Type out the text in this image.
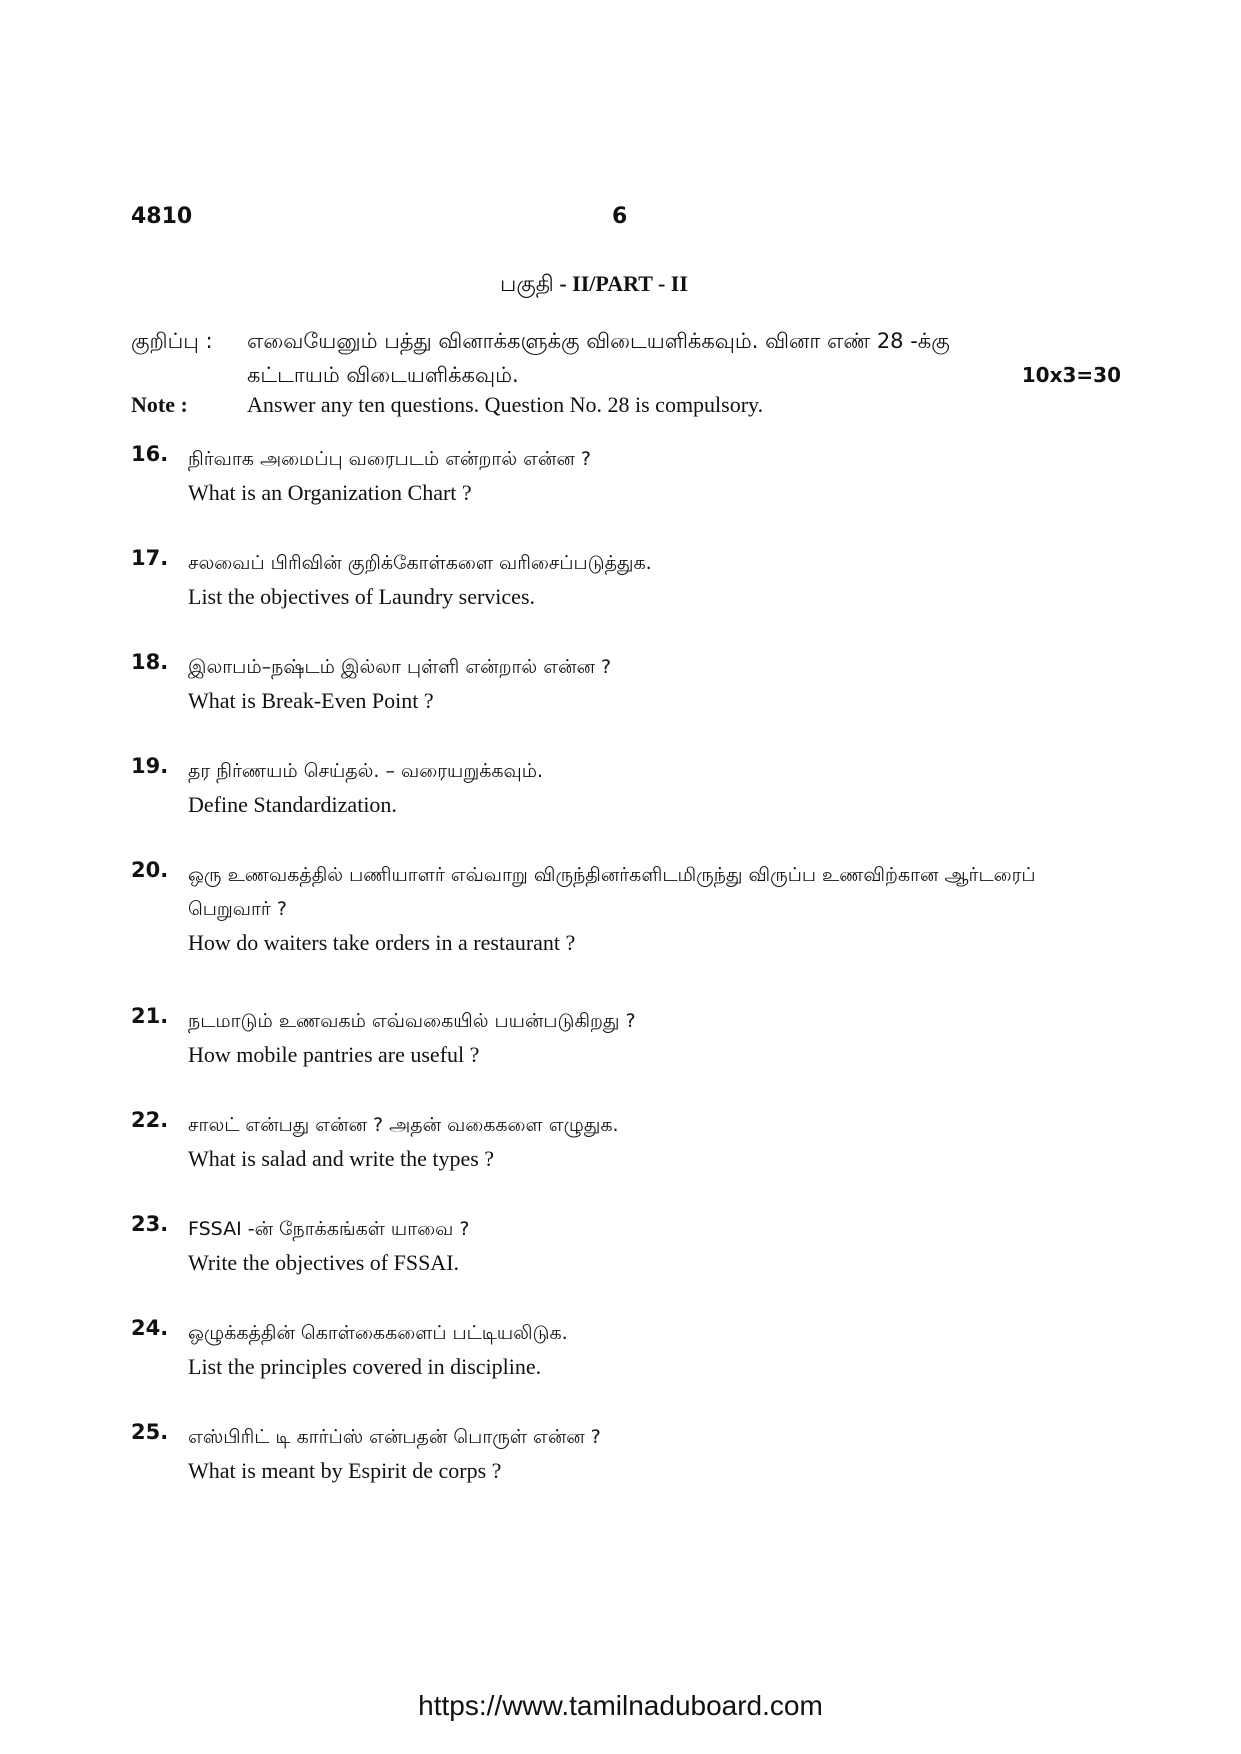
4810	6
பகுதி - II/PART - II
குறிப்பு : எவையேனும் பத்து வினாக்களுக்கு விடையளிக்கவும். வினா எண் 28 -க்கு
கட்டாயம் விடையளிக்கவும்.	10x3=30
Note :	Answer any ten questions. Question No. 28 is compulsory.
16. நிர்வாக அமைப்பு வரைபடம் என்றால் என்ன ?
What is an Organization Chart ?
17. சலவைப் பிரிவின் குறிக்கோள்களை வரிசைப்படுத்துக.
List the objectives of Laundry services.
18. இலாபம்–நஷ்டம் இல்லா புள்ளி என்றால் என்ன ?
What is Break-Even Point ?
19. தர நிர்ணயம் செய்தல். – வரையறுக்கவும்.
Define Standardization.
20. ஒரு உணவகத்தில் பணியாளர் எவ்வாறு விருந்தினர்களிடமிருந்து விருப்ப உணவிற்கான ஆர்டரைப் பெறுவார் ?
How do waiters take orders in a restaurant ?
21. நடமாடும் உணவகம் எவ்வகையில் பயன்படுகிறது ?
How mobile pantries are useful ?
22. சாலட் என்பது என்ன ? அதன் வகைகளை எழுதுக.
What is salad and write the types ?
23. FSSAI -ன் நோக்கங்கள் யாவை ?
Write the objectives of FSSAI.
24. ஒழுக்கத்தின் கொள்கைகளைப் பட்டியலிடுக.
List the principles covered in discipline.
25. எஸ்பிரிட் டி கார்ப்ஸ் என்பதன் பொருள் என்ன ?
What is meant by Espirit de corps ?
https://www.tamilnaduboard.com
